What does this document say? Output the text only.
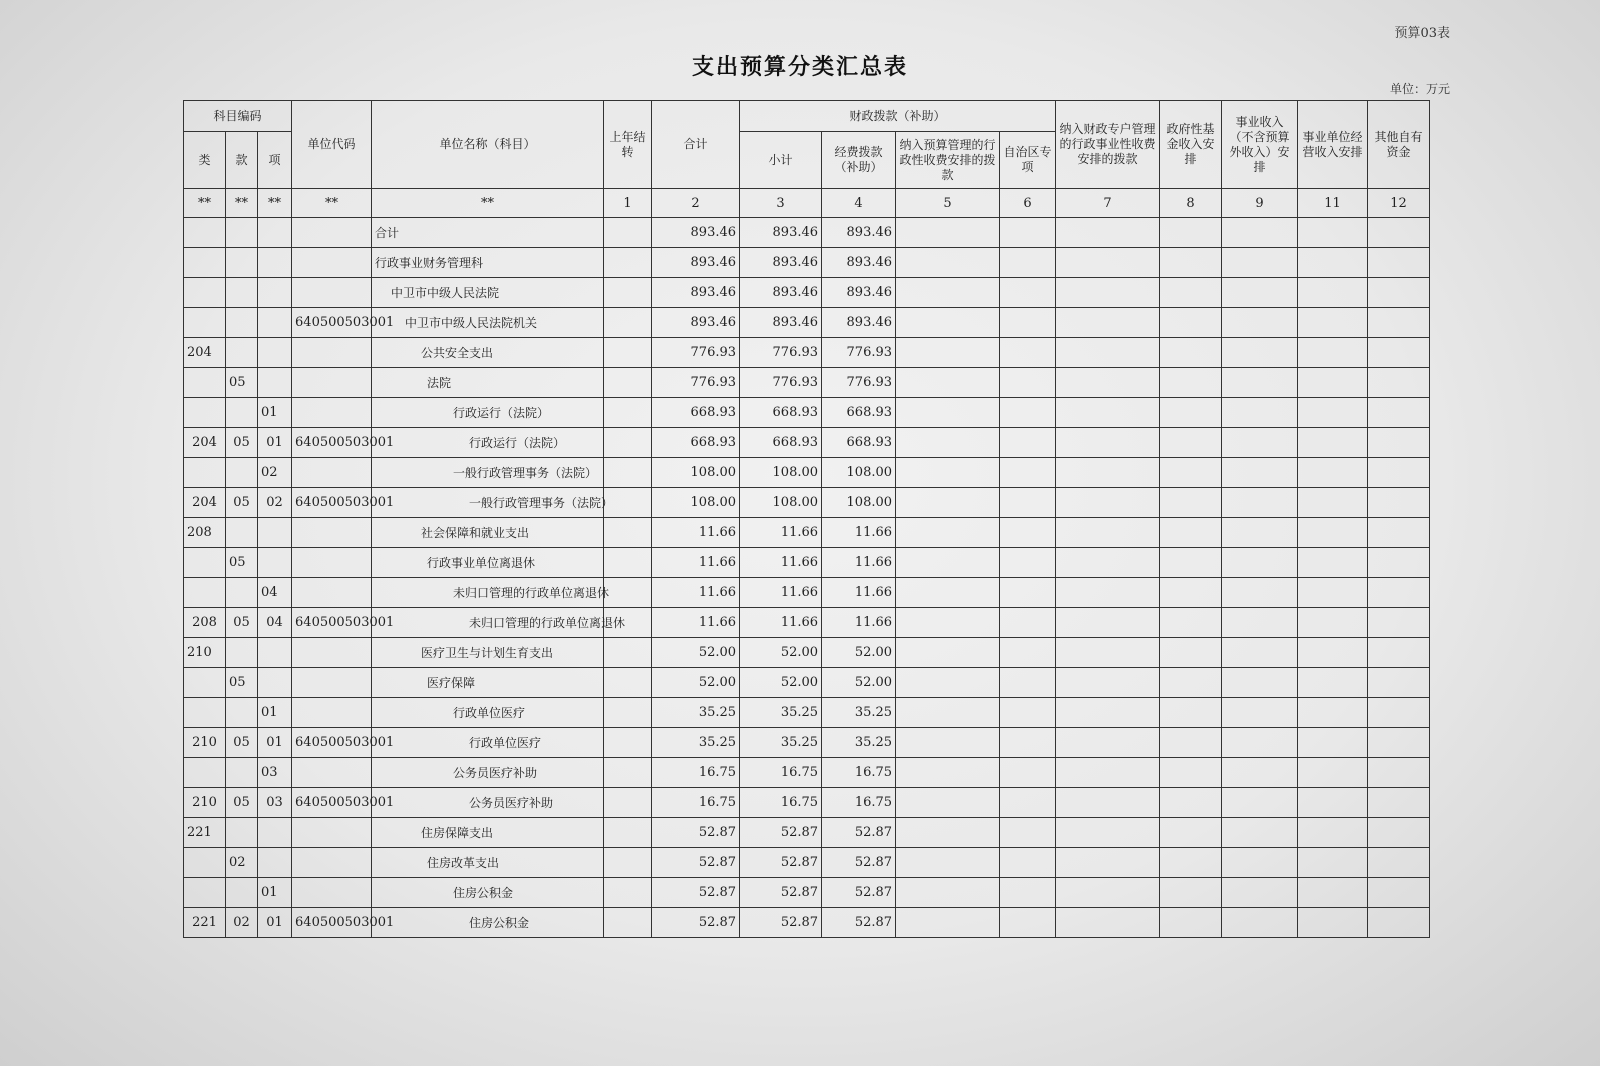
预算03表
支出预算分类汇总表
单位：万元
科目编码			单位代码	单位名称（科目）	上年结转	合计	财政拨款（补助）				纳入财政专户管理的行政事业性收费安排的拨款	政府性基金收入安排	事业收入（不含预算外收入）安排	事业单位经营收入安排	其他自有资金
类	款	项					小计	经费拨款（补助）	纳入预算管理的行政性收费安排的拨款	自治区专项					
**	**	**	**	**	1	2	3	4	5	6	7	8	9	11	12
				合计		893.46	893.46	893.46							
				行政事业财务管理科		893.46	893.46	893.46							
				中卫市中级人民法院		893.46	893.46	893.46							
			640500503001	中卫市中级人民法院机关		893.46	893.46	893.46							
204				公共安全支出		776.93	776.93	776.93							
	05			法院		776.93	776.93	776.93							
		01		行政运行（法院）		668.93	668.93	668.93							
204	05	01	640500503001	行政运行（法院）		668.93	668.93	668.93							
		02		一般行政管理事务（法院）		108.00	108.00	108.00							
204	05	02	640500503001	一般行政管理事务（法院）		108.00	108.00	108.00							
208				社会保障和就业支出		11.66	11.66	11.66							
	05			行政事业单位离退休		11.66	11.66	11.66							
		04		未归口管理的行政单位离退休		11.66	11.66	11.66							
208	05	04	640500503001	未归口管理的行政单位离退休		11.66	11.66	11.66							
210				医疗卫生与计划生育支出		52.00	52.00	52.00							
	05			医疗保障		52.00	52.00	52.00							
		01		行政单位医疗		35.25	35.25	35.25							
210	05	01	640500503001	行政单位医疗		35.25	35.25	35.25							
		03		公务员医疗补助		16.75	16.75	16.75							
210	05	03	640500503001	公务员医疗补助		16.75	16.75	16.75							
221				住房保障支出		52.87	52.87	52.87							
	02			住房改革支出		52.87	52.87	52.87							
		01		住房公积金		52.87	52.87	52.87							
221	02	01	640500503001	住房公积金		52.87	52.87	52.87							
